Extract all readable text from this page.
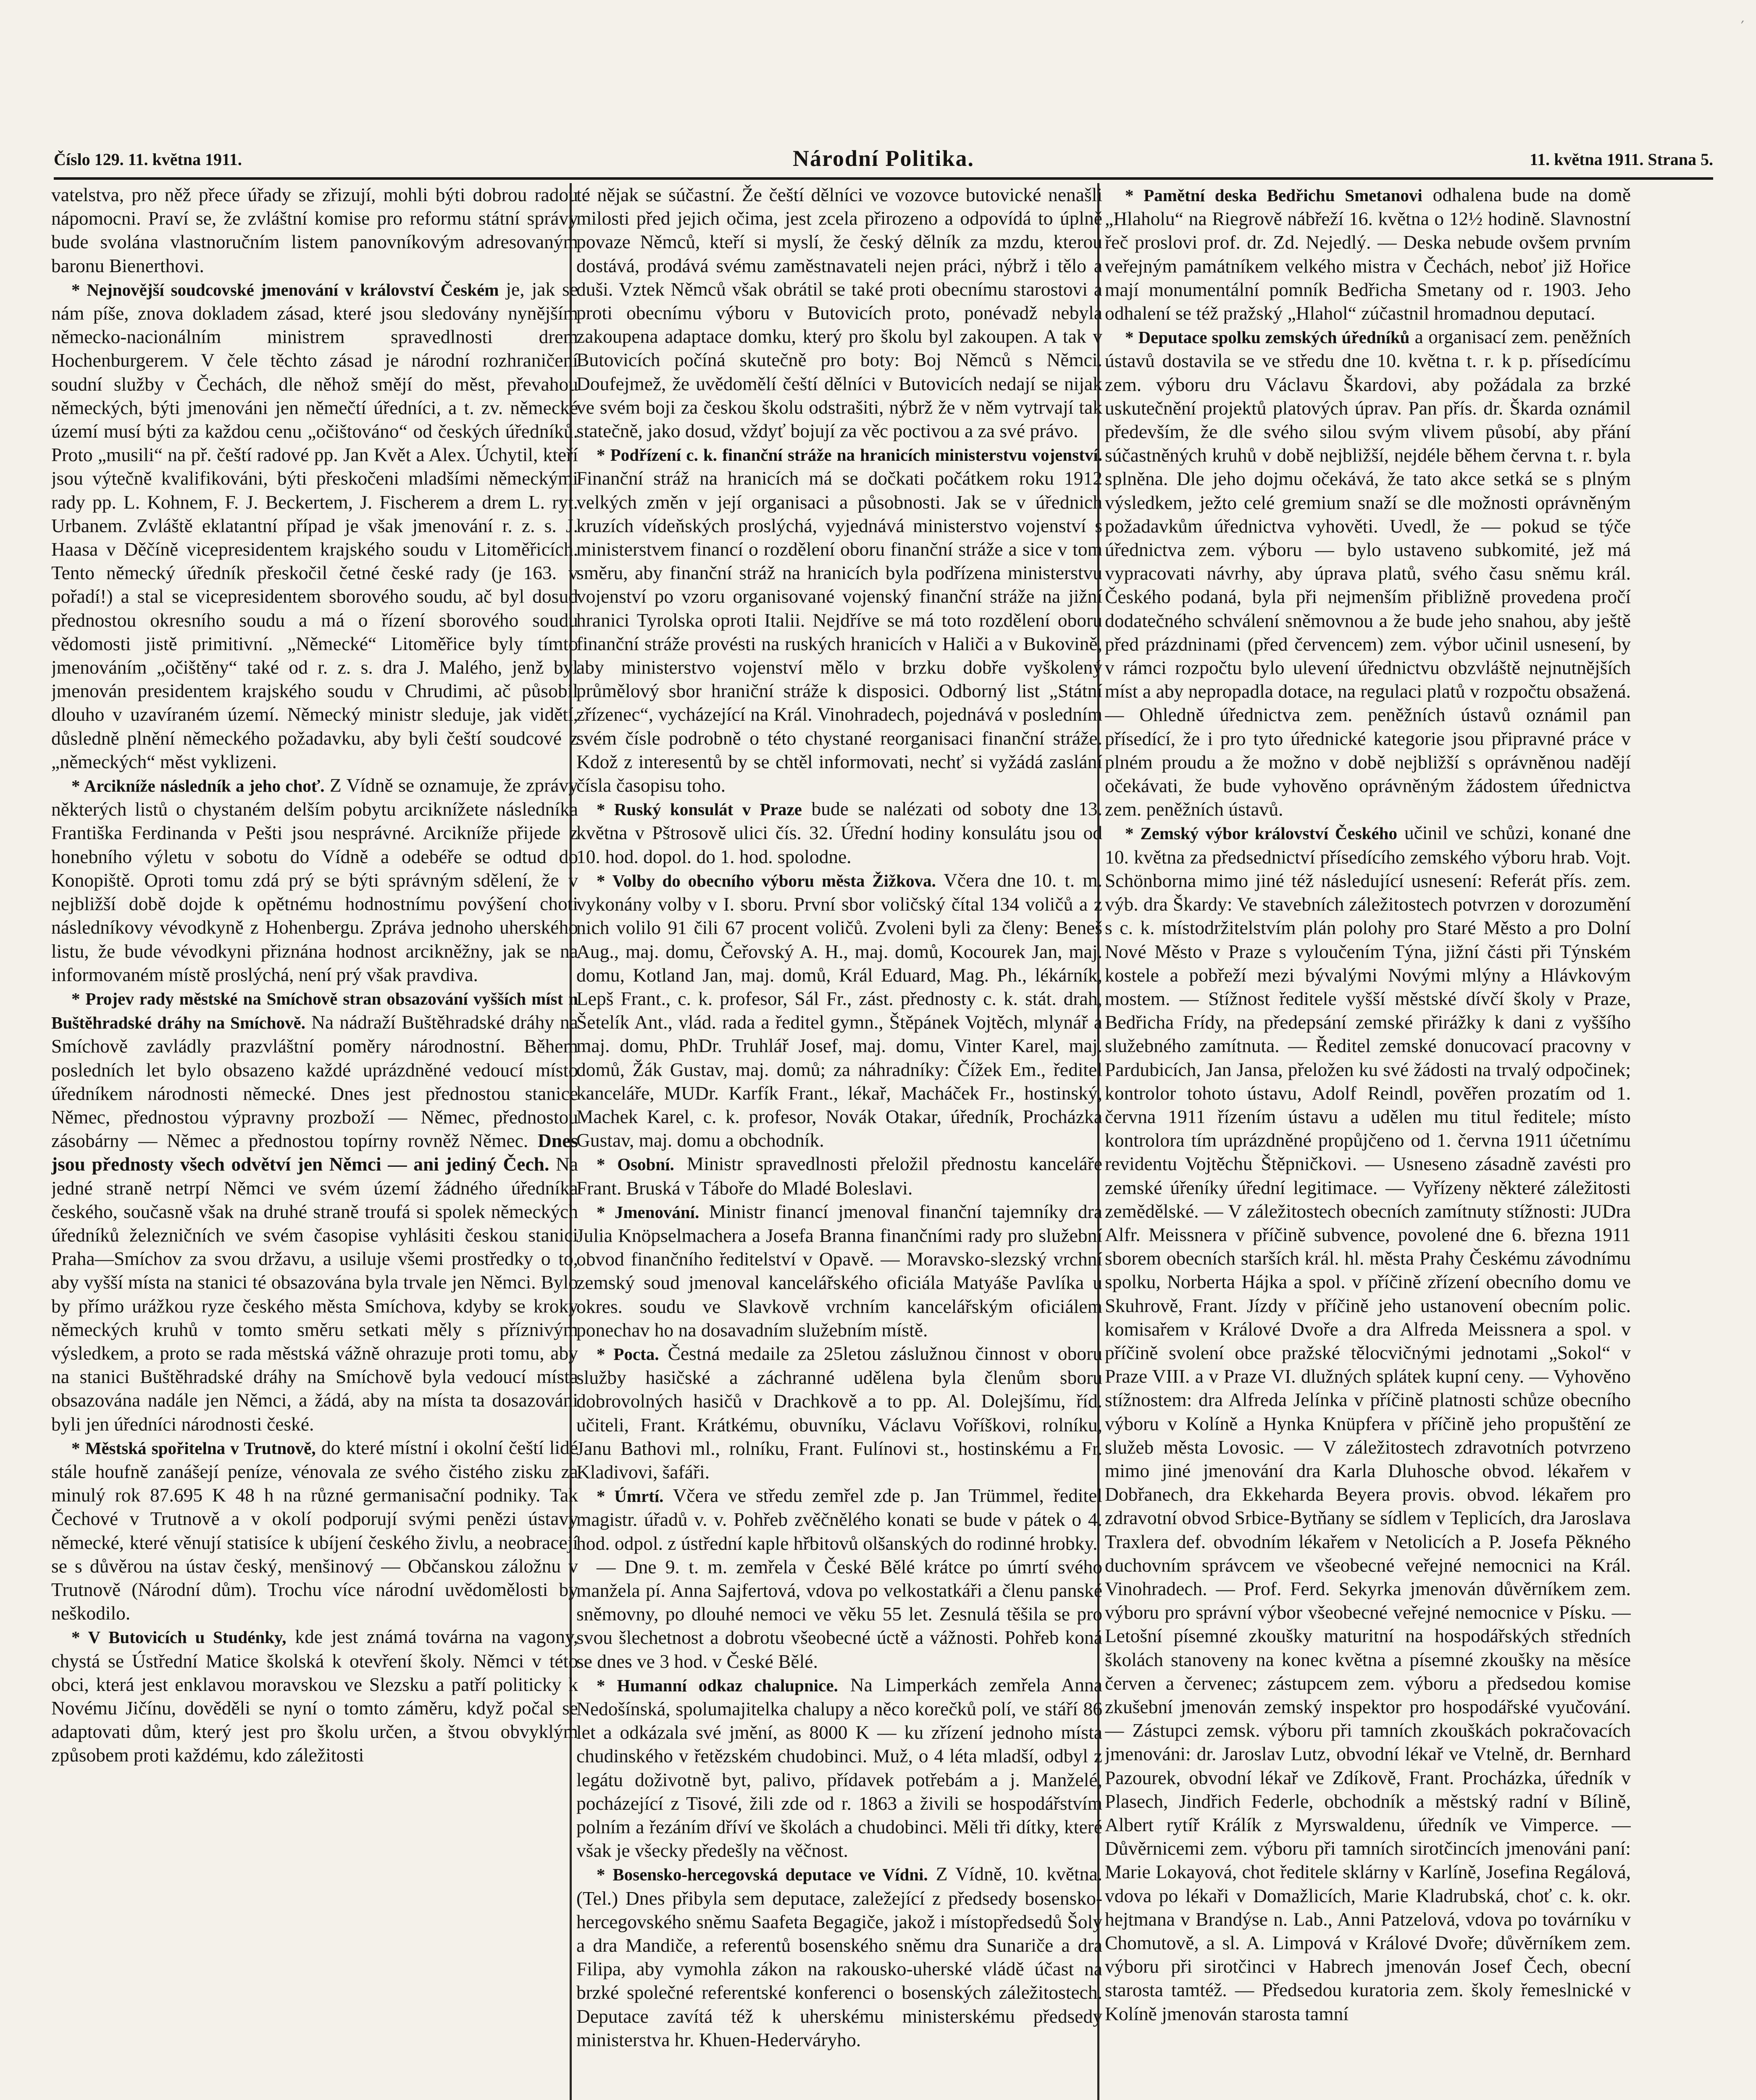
′
Číslo 129. 11. května 1911.	Národní Politika.	11. května 1911. Strana 5.

vatelstva, pro něž přece úřady se zřizují, mohli býti dobrou radou nápomocni. Praví se, že zvláštní komise pro reformu státní správy bude svolána vlastnoručním listem panovníkovým adresovaným baronu Bienerthovi.

* Nejnovější soudcovské jmenování v království Českém je, jak se nám píše, znova dokladem zásad, které jsou sledovány nynějším německo-nacionálním ministrem spravedlnosti drem Hochenburgerem. V čele těchto zásad je národní rozhraničení soudní služby v Čechách, dle něhož smějí do měst, převahou německých, býti jmenováni jen němečtí úředníci, a t. zv. německé území musí býti za každou cenu „očištováno“ od českých úředníků. Proto „musili“ na př. čeští radové pp. Jan Květ a Alex. Úchytil, kteří jsou výtečně kvalifikováni, býti přeskočeni mladšími německými rady pp. L. Kohnem, F. J. Beckertem, J. Fischerem a drem L. ryt. Urbanem. Zvláště eklatantní případ je však jmenování r. z. s. J. Haasa v Děčíně vicepresidentem krajského soudu v Litoměřicích. Tento německý úředník přeskočil četné české rady (je 163. v pořadí!) a stal se vicepresidentem sborového soudu, ač byl dosud přednostou okresního soudu a má o řízení sborového soudu vědomosti jistě primitivní. „Německé“ Litoměřice byly tímto jmenováním „očištěny“ také od r. z. s. dra J. Malého, jenž byl jmenován presidentem krajského soudu v Chrudimi, ač působil dlouho v uzavíraném území. Německý ministr sleduje, jak vidětí, důsledně plnění německého požadavku, aby byli čeští soudcové z „německých“ měst vyklizeni.

* Arcikníže následník a jeho choť. Z Vídně se oznamuje, že zprávy některých listů o chystaném delším pobytu arciknížete následníka Františka Ferdinanda v Pešti jsou nesprávné. Arcikníže přijede z honebního výletu v sobotu do Vídně a odebéře se odtud do Konopiště. Oproti tomu zdá prý se býti správným sdělení, že v nejbližší době dojde k opětnému hodnostnímu povýšení choti následníkovy vévodkyně z Hohenbergu. Zpráva jednoho uherského listu, že bude vévodkyni přiznána hodnost arcikněžny, jak se na informovaném místě proslýchá, není prý však pravdiva.

* Projev rady městské na Smíchově stran obsazování vyšších míst n Buštěhradské dráhy na Smíchově. Na nádraží Buštěhradské dráhy na Smíchově zavládly prazvláštní poměry národnostní. Během posledních let bylo obsazeno každé uprázdněné vedoucí místo úředníkem národnosti německé. Dnes jest přednostou stanice Němec, přednostou výpravny prozboží — Němec, přednostou zásobárny — Němec a přednostou topírny rovněž Němec. Dnes jsou přednosty všech odvětví jen Němci — ani jediný Čech. Na jedné straně netrpí Němci ve svém území žádného úředníka českého, současně však na druhé straně troufá si spolek německých úředníků železničních ve svém časopise vyhlásiti českou stanici Praha—Smíchov za svou državu, a usiluje všemi prostředky o to, aby vyšší místa na stanici té obsazována byla trvale jen Němci. Bylo by přímo urážkou ryze českého města Smíchova, kdyby se kroky německých kruhů v tomto směru setkati měly s příznivým výsledkem, a proto se rada městská vážně ohrazuje proti tomu, aby na stanici Buštěhradské dráhy na Smíchově byla vedoucí místa obsazována nadále jen Němci, a žádá, aby na místa ta dosazováni byli jen úředníci národnosti české.

* Městská spořitelna v Trutnově, do které místní i okolní čeští lidé stále houfně zanášejí peníze, vénovala ze svého čistého zisku za minulý rok 87.695 K 48 h na různé germanisační podniky. Tak Čechové v Trutnově a v okolí podporují svými penězi ústavy německé, které věnují statisíce k ubíjení českého živlu, a neobracejí se s důvěrou na ústav český, menšinový — Občanskou záložnu v Trutnově (Národní dům). Trochu více národní uvědomělosti by neškodilo.

* V Butovicích u Studénky, kde jest známá továrna na vagony, chystá se Ústřední Matice školská k otevření školy. Němci v této obci, která jest enklavou moravskou ve Slezsku a patří politicky k Novému Jičínu, dověděli se nyní o tomto záměru, když počal se adaptovati dům, který jest pro školu určen, a štvou obvyklým způsobem proti každému, kdo záležitosti

té nějak se súčastní. Že čeští dělníci ve vozovce butovické nenašli milosti před jejich očima, jest zcela přirozeno a odpovídá to úplně povaze Němců, kteří si myslí, že český dělník za mzdu, kterou dostává, prodává svému zaměstnavateli nejen práci, nýbrž i tělo a duši. Vztek Němců však obrátil se také proti obecnímu starostovi a proti obecnímu výboru v Butovicích proto, ponévadž nebyla zakoupena adaptace domku, který pro školu byl zakoupen. A tak v Butovicích počíná skutečně pro boty: Boj Němců s Němci. Doufejmež, že uvědomělí čeští dělníci v Butovicích nedají se nijak ve svém boji za českou školu odstrašiti, nýbrž že v něm vytrvají tak statečně, jako dosud, vždyť bojují za věc poctivou a za své právo.

* Podřízení c. k. finanční stráže na hranicích ministerstvu vojenství. Finanční stráž na hranicích má se dočkati počátkem roku 1912 velkých změn v její organisaci a působnosti. Jak se v úřednich kruzích vídeňských proslýchá, vyjednává ministerstvo vojenství s ministerstvem financí o rozdělení oboru finanční stráže a sice v tom směru, aby finanční stráž na hranicích byla podřízena ministerstvu vojenství po vzoru organisované vojenský finanční stráže na jižní hranici Tyrolska oproti Italii. Nejdříve se má toto rozdělení oboru finanční stráže provésti na ruských hranicích v Haliči a v Bukovině, aby ministerstvo vojenství mělo v brzku dobře vyškolený průmělový sbor hraniční stráže k disposici. Odborný list „Státní zřízenec“, vycházející na Král. Vinohradech, pojednává v posledním svém čísle podrobně o této chystané reorganisaci finanční stráže. Kdož z interesentů by se chtěl informovati, nechť si vyžádá zaslání čísla časopisu toho.

* Ruský konsulát v Praze bude se nalézati od soboty dne 13. května v Pštrosově ulici čís. 32. Úřední hodiny konsulátu jsou od 10. hod. dopol. do 1. hod. spolodne.

* Volby do obecního výboru města Žižkova. Včera dne 10. t. m. vykonány volby v I. sboru. První sbor voličský čítal 134 voličů a z nich volilo 91 čili 67 procent voličů. Zvoleni byli za členy: Beneš Aug., maj. domu, Čeřovský A. H., maj. domů, Kocourek Jan, maj. domu, Kotland Jan, maj. domů, Král Eduard, Mag. Ph., lékárník, Lepš Frant., c. k. profesor, Sál Fr., zást. přednosty c. k. stát. drah, Šetelík Ant., vlád. rada a ředitel gymn., Štěpánek Vojtěch, mlynář a maj. domu, PhDr. Truhlář Josef, maj. domu, Vinter Karel, maj. domů, Žák Gustav, maj. domů; za náhradníky: Čížek Em., ředitel kanceláře, MUDr. Karfík Frant., lékař, Macháček Fr., hostinský, Machek Karel, c. k. profesor, Novák Otakar, úředník, Procházka Gustav, maj. domu a obchodník.

* Osobní. Ministr spravedlnosti přeložil přednostu kanceláře Frant. Bruská v Táboře do Mladé Boleslavi.

* Jmenování. Ministr financí jmenoval finanční tajemníky dra Julia Knöpselmachera a Josefa Branna finančními rady pro služební obvod finančního ředitelství v Opavě. — Moravsko-slezský vrchní zemský soud jmenoval kancelářského oficiála Matyáše Pavlíka u okres. soudu ve Slavkově vrchním kancelářským oficiálem ponechav ho na dosavadním služebním místě.

* Pocta. Čestná medaile za 25letou záslužnou činnost v oboru služby hasičské a záchranné udělena byla členům sboru dobrovolných hasičů v Drachkově a to pp. Al. Dolejšímu, říd. učiteli, Frant. Krátkému, obuvníku, Václavu Voříškovi, rolníku, Janu Bathovi ml., rolníku, Frant. Fulínovi st., hostinskému a Fr. Kladivovi, šafáři.

* Úmrtí. Včera ve středu zemřel zde p. Jan Trümmel, ředitel magistr. úřadů v. v. Pohřeb zvěčnělého konati se bude v pátek o 4. hod. odpol. z ústřední kaple hřbitovů olšanských do rodinné hrobky.

— Dne 9. t. m. zemřela v České Bělé krátce po úmrtí svého manžela pí. Anna Sajfertová, vdova po velkostatkáři a členu panské sněmovny, po dlouhé nemoci ve věku 55 let. Zesnulá těšila se pro svou šlechetnost a dobrotu všeobecné úctě a vážnosti. Pohřeb koná se dnes ve 3 hod. v České Bělé.

* Humanní odkaz chalupnice. Na Limperkách zemřela Anna Nedošínská, spolumajitelka chalupy a něco korečků polí, ve stáří 86 let a odkázala své jmění, as 8000 K — ku zřízení jednoho místa chudinského v řetězském chudobinci. Muž, o 4 léta mladší, odbyl z legátu doživotně byt, palivo, přídavek potřebám a j. Manželé, pocházející z Tisové, žili zde od r. 1863 a živili se hospodářstvím polním a řezáním dříví ve školách a chudobinci. Měli tři dítky, které však je všecky předešly na věčnost.

* Bosensko-hercegovská deputace ve Vídni. Z Vídně, 10. května. (Tel.) Dnes přibyla sem deputace, zaležející z předsedy bosensko-hercegovského sněmu Saafeta Begagiče, jakož i místopředsedů Šoly a dra Mandiče, a referentů bosenského sněmu dra Sunariče a dra Filipa, aby vymohla zákon na rakousko-uherské vládě účast na brzké společné referentské konferenci o bosenských záležitostech. Deputace zavítá též k uherskému ministerskému předsedy ministerstva hr. Khuen-Hederváryho.

* Pamětní deska Bedřichu Smetanovi odhalena bude na domě „Hlaholu“ na Riegrově nábřeží 16. května o 12½ hodině. Slavnostní řeč proslovi prof. dr. Zd. Nejedlý. — Deska nebude ovšem prvním veřejným památníkem velkého mistra v Čechách, neboť již Hořice mají monumentální pomník Bedřicha Smetany od r. 1903. Jeho odhalení se též pražský „Hlahol“ zúčastnil hromadnou deputací.

* Deputace spolku zemských úředníků a organisací zem. peněžních ústavů dostavila se ve středu dne 10. května t. r. k p. přísedícímu zem. výboru dru Václavu Škardovi, aby požádala za brzké uskutečnění projektů platových úprav. Pan přís. dr. Škarda oznámil především, že dle svého silou svým vlivem působí, aby přání súčastněných kruhů v době nejbližší, nejdéle během června t. r. byla splněna. Dle jeho dojmu očekává, že tato akce setká se s plným výsledkem, ježto celé gremium snaží se dle možnosti oprávněným požadavkům úřednictva vyhověti. Uvedl, že — pokud se týče úřednictva zem. výboru — bylo ustaveno subkomité, jež má vypracovati návrhy, aby úprava platů, svého času sněmu král. Českého podaná, byla při nejmenším přibližně provedena pročí dodatečného schválení sněmovnou a že bude jeho snahou, aby ještě před prázdninami (před červencem) zem. výbor učinil usnesení, by v rámci rozpočtu bylo ulevení úřednictvu obzvláště nejnutnějších míst a aby nepropadla dotace, na regulaci platů v rozpočtu obsažená. — Ohledně úřednictva zem. peněžních ústavů oznámil pan přísedící, že i pro tyto úřednické kategorie jsou připravné práce v plném proudu a že možno v době nejbližší s oprávněnou nadějí očekávati, že bude vyhověno oprávněným žádostem úřednictva zem. peněžních ústavů.

* Zemský výbor království Českého učinil ve schůzi, konané dne 10. května za předsednictví přísedícího zemského výboru hrab. Vojt. Schönborna mimo jiné též následující usnesení: Referát přís. zem. výb. dra Škardy: Ve stavebních záležitostech potvrzen v dorozumění s c. k. místodržitelstvím plán polohy pro Staré Město a pro Dolní Nové Město v Praze s vyloučením Týna, jižní části při Týnském kostele a pobřeží mezi bývalými Novými mlýny a Hlávkovým mostem. — Stížnost ředitele vyšší městské dívčí školy v Praze, Bedřicha Frídy, na předepsání zemské přirážky k dani z vyššího služebného zamítnuta. — Ředitel zemské donucovací pracovny v Pardubicích, Jan Jansa, přeložen ku své žádosti na trvalý odpočinek; kontrolor tohoto ústavu, Adolf Reindl, pověřen prozatím od 1. června 1911 řízením ústavu a udělen mu titul ředitele; místo kontrolora tím uprázdněné propůjčeno od 1. června 1911 účetnímu revidentu Vojtěchu Štěpničkovi. — Usneseno zásadně zavésti pro zemské úřeníky úřední legitimace. — Vyřízeny některé záležitosti zemědělské. — V záležitostech obecních zamítnuty stížnosti: JUDra Alfr. Meissnera v příčině subvence, povolené dne 6. března 1911 sborem obecních starších král. hl. města Prahy Českému závodnímu spolku, Norberta Hájka a spol. v příčině zřízení obecního domu ve Skuhrově, Frant. Jízdy v příčině jeho ustanovení obecním polic. komisařem v Králové Dvoře a dra Alfreda Meissnera a spol. v příčině svolení obce pražské tělocvičnými jednotami „Sokol“ v Praze VIII. a v Praze VI. dlužných splátek kupní ceny. — Vyhověno stížnostem: dra Alfreda Jelínka v příčině platnosti schůze obecního výboru v Kolíně a Hynka Knüpfera v příčině jeho propuštění ze služeb města Lovosic. — V záležitostech zdravotních potvrzeno mimo jiné jmenování dra Karla Dluhoschе obvod. lékařem v Dobřanech, dra Ekkeharda Beyera provis. obvod. lékařem pro zdravotní obvod Srbice-Bytňany se sídlem v Teplicích, dra Jaroslava Traxlera def. obvodním lékařem v Netolicích a P. Josefa Pěkného duchovním správcem ve všeobecné veřejné nemocnici na Král. Vinohradech. — Prof. Ferd. Sekyrka jmenován důvěrníkem zem. výboru pro správní výbor všeobecné veřejné nemocnice v Písku. — Letošní písemné zkoušky maturitní na hospodářských středních školách stanoveny na konec května a písemné zkoušky na měsíce červen a červenec; zástupcem zem. výboru a předsedou komise zkušební jmenován zemský inspektor pro hospodářské vyučování. — Zástupci zemsk. výboru při tamních zkouškách pokračovacích jmenováni: dr. Jaroslav Lutz, obvodní lékař ve Vtelně, dr. Bernhard Pazourek, obvodní lékař ve Zdíkově, Frant. Procházka, úředník v Plasech, Jindřich Federle, obchodník a městský radní v Bílině, Albert rytíř Králík z Myrswaldenu, úředník ve Vimperce. — Důvěrnicemi zem. výboru při tamních sirotčincích jmenováni paní: Marie Lokayová, chot ředitele sklárny v Karlíně, Josefina Regálová, vdova po lékaři v Domažlicích, Marie Kladrubská, choť c. k. okr. hejtmana v Brandýse n. Lab., Anni Patzelová, vdova po továrníku v Chomutově, a sl. A. Limpová v Králové Dvoře; důvěrníkem zem. výboru při sirotčinci v Habrech jmenován Josef Čech, obecní starosta tamtéž. — Předsedou kuratoria zem. školy řemeslnické v Kolíně jmenován starosta tamní
